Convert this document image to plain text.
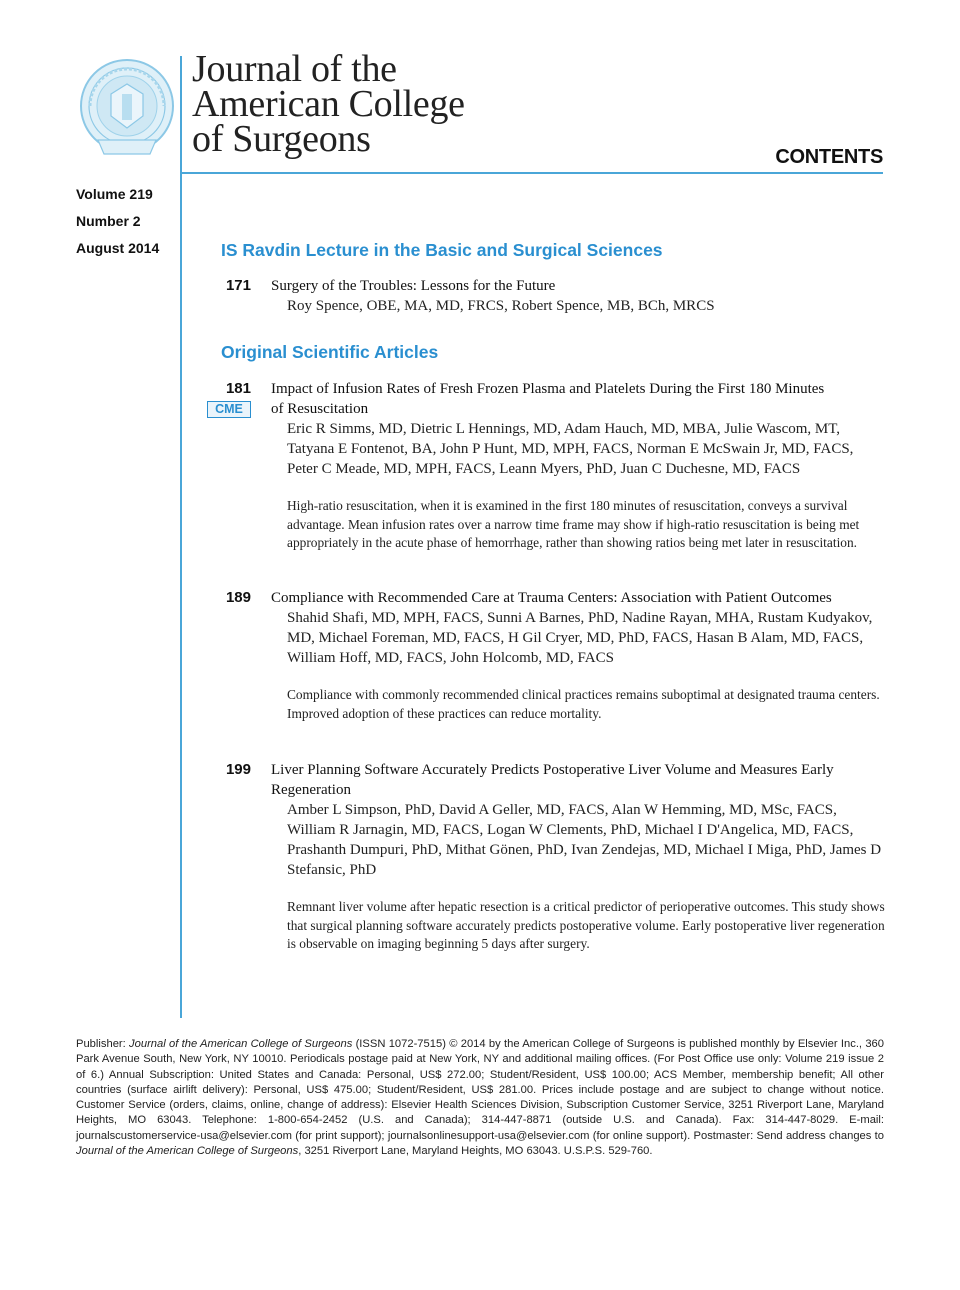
Journal of the
American College
of Surgeons	CONTENTS
Volume 219
Number 2
August 2014	IS Ravdin Lecture in the Basic and Surgical Sciences
171 Surgery of the Troubles: Lessons for the Future
Roy Spence, OBE, MA, MD, FRCS, Robert Spence, MB, BCh, MRCS
Original Scientific Articles
181
CME
Impact of Infusion Rates of Fresh Frozen Plasma and Platelets During the First 180 Minutes of Resuscitation
Eric R Simms, MD, Dietric L Hennings, MD, Adam Hauch, MD, MBA, Julie Wascom, MT, Tatyana E Fontenot, BA, John P Hunt, MD, MPH, FACS, Norman E McSwain Jr, MD, FACS, Peter C Meade, MD, MPH, FACS, Leann Myers, PhD, Juan C Duchesne, MD, FACS
High-ratio resuscitation, when it is examined in the first 180 minutes of resuscitation, conveys a survival advantage. Mean infusion rates over a narrow time frame may show if high-ratio resuscitation is being met appropriately in the acute phase of hemorrhage, rather than showing ratios being met later in resuscitation.
189 Compliance with Recommended Care at Trauma Centers: Association with Patient Outcomes
Shahid Shafi, MD, MPH, FACS, Sunni A Barnes, PhD, Nadine Rayan, MHA, Rustam Kudyakov, MD, Michael Foreman, MD, FACS, H Gil Cryer, MD, PhD, FACS, Hasan B Alam, MD, FACS, William Hoff, MD, FACS, John Holcomb, MD, FACS
Compliance with commonly recommended clinical practices remains suboptimal at designated trauma centers. Improved adoption of these practices can reduce mortality.
199 Liver Planning Software Accurately Predicts Postoperative Liver Volume and Measures Early Regeneration
Amber L Simpson, PhD, David A Geller, MD, FACS, Alan W Hemming, MD, MSc, FACS, William R Jarnagin, MD, FACS, Logan W Clements, PhD, Michael I D'Angelica, MD, FACS, Prashanth Dumpuri, PhD, Mithat Gönen, PhD, Ivan Zendejas, MD, Michael I Miga, PhD, James D Stefansic, PhD
Remnant liver volume after hepatic resection is a critical predictor of perioperative outcomes. This study shows that surgical planning software accurately predicts postoperative volume. Early postoperative liver regeneration is observable on imaging beginning 5 days after surgery.
Publisher: Journal of the American College of Surgeons (ISSN 1072-7515) © 2014 by the American College of Surgeons is published monthly by Elsevier Inc., 360 Park Avenue South, New York, NY 10010. Periodicals postage paid at New York, NY and additional mailing offices. (For Post Office use only: Volume 219 issue 2 of 6.) Annual Subscription: United States and Canada: Personal, US$ 272.00; Student/Resident, US$ 100.00; ACS Member, membership benefit; All other countries (surface airlift delivery): Personal, US$ 475.00; Student/Resident, US$ 281.00. Prices include postage and are subject to change without notice. Customer Service (orders, claims, online, change of address): Elsevier Health Sciences Division, Subscription Customer Service, 3251 Riverport Lane, Maryland Heights, MO 63043. Telephone: 1-800-654-2452 (U.S. and Canada); 314-447-8871 (outside U.S. and Canada). Fax: 314-447-8029. E-mail: journalscustomerservice-usa@elsevier.com (for print support); journalsonlinesupport-usa@elsevier.com (for online support). Postmaster: Send address changes to Journal of the American College of Surgeons, 3251 Riverport Lane, Maryland Heights, MO 63043. U.S.P.S. 529-760.
